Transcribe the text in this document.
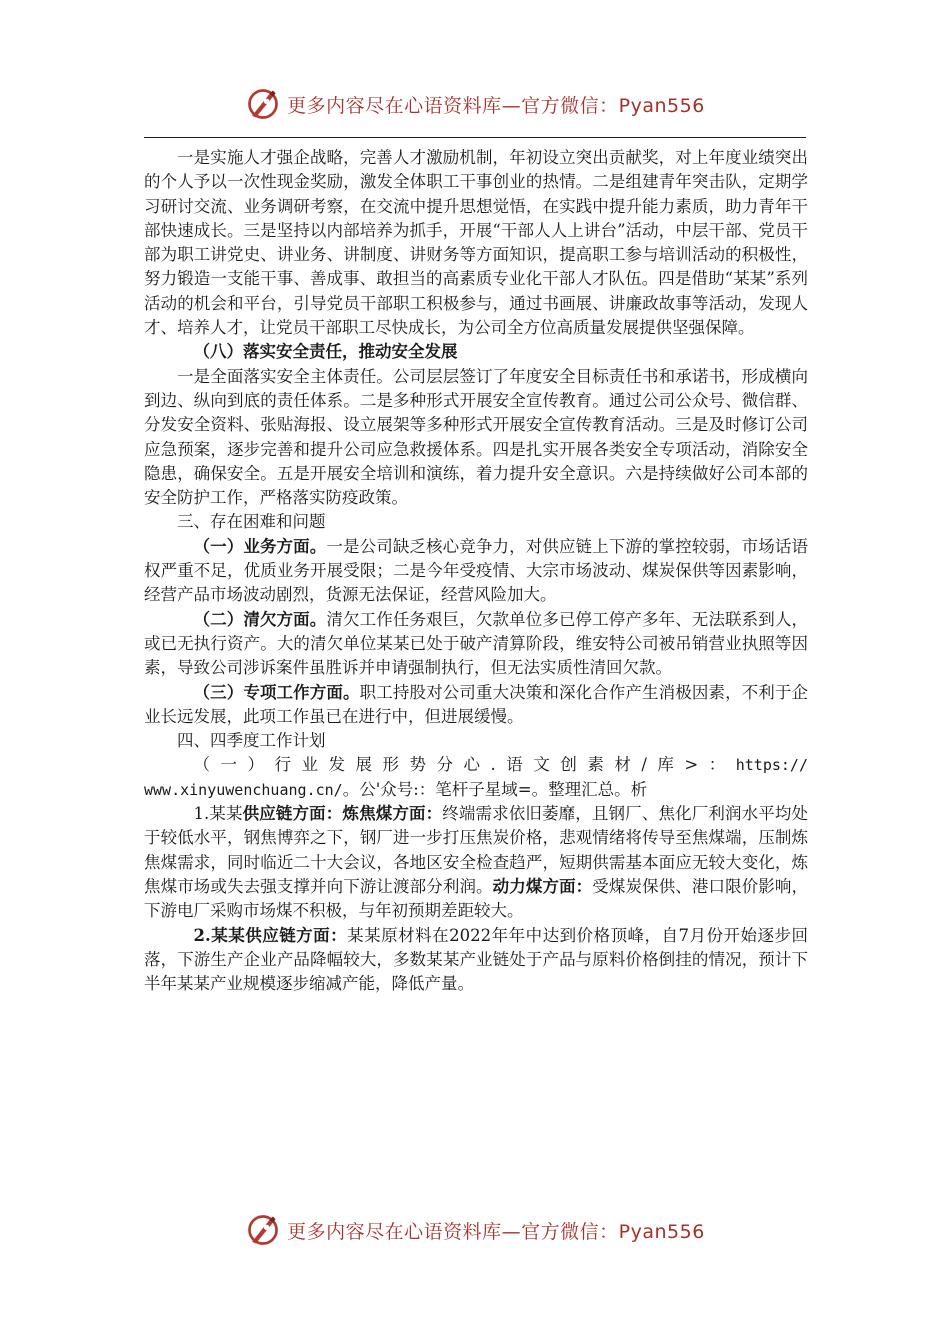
更多内容尽在心语资料库—官方微信：Pyan556

一是实施人才强企战略，完善人才激励机制，年初设立突出贡献奖，对上年度业绩突出的个人予以一次性现金奖励，激发全体职工干事创业的热情。二是组建青年突击队，定期学习研讨交流、业务调研考察，在交流中提升思想觉悟，在实践中提升能力素质，助力青年干部快速成长。三是坚持以内部培养为抓手，开展“干部人人上讲台”活动，中层干部、党员干部为职工讲党史、讲业务、讲制度、讲财务等方面知识，提高职工参与培训活动的积极性，努力锻造一支能干事、善成事、敢担当的高素质专业化干部人才队伍。四是借助“某某”系列活动的机会和平台，引导党员干部职工积极参与，通过书画展、讲廉政故事等活动，发现人才、培养人才，让党员干部职工尽快成长，为公司全方位高质量发展提供坚强保障。

（八）落实安全责任，推动安全发展

一是全面落实安全主体责任。公司层层签订了年度安全目标责任书和承诺书，形成横向到边、纵向到底的责任体系。二是多种形式开展安全宣传教育。通过公司公众号、微信群、分发安全资料、张贴海报、设立展架等多种形式开展安全宣传教育活动。三是及时修订公司应急预案，逐步完善和提升公司应急救援体系。四是扎实开展各类安全专项活动，消除安全隐患，确保安全。五是开展安全培训和演练，着力提升安全意识。六是持续做好公司本部的安全防护工作，严格落实防疫政策。

三、存在困难和问题

（一）业务方面。一是公司缺乏核心竞争力，对供应链上下游的掌控较弱，市场话语权严重不足，优质业务开展受限；二是今年受疫情、大宗市场波动、煤炭保供等因素影响，经营产品市场波动剧烈，货源无法保证，经营风险加大。

（二）清欠方面。清欠工作任务艰巨，欠款单位多已停工停产多年、无法联系到人，或已无执行资产。大的清欠单位某某已处于破产清算阶段，维安特公司被吊销营业执照等因素，导致公司涉诉案件虽胜诉并申请强制执行，但无法实质性清回欠款。

（三）专项工作方面。职工持股对公司重大决策和深化合作产生消极因素，不利于企业长远发展，此项工作虽已在进行中，但进展缓慢。

四、四季度工作计划

（一）行业发展形势分心.语文创素材/库>：https://

www.xinyuwenchuang.cn/。公'众号:：笔杆子星域=。整理汇总。析

1.某某供应链方面：炼焦煤方面：终端需求依旧萎靡，且钢厂、焦化厂利润水平均处于较低水平，钢焦博弈之下，钢厂进一步打压焦炭价格，悲观情绪将传导至焦煤端，压制炼焦煤需求，同时临近二十大会议，各地区安全检查趋严，短期供需基本面应无较大变化，炼焦煤市场或失去强支撑并向下游让渡部分利润。动力煤方面：受煤炭保供、港口限价影响，下游电厂采购市场煤不积极，与年初预期差距较大。

2.某某供应链方面：某某原材料在2022年年中达到价格顶峰，自7月份开始逐步回落，下游生产企业产品降幅较大，多数某某产业链处于产品与原料价格倒挂的情况，预计下半年某某产业规模逐步缩减产能，降低产量。

更多内容尽在心语资料库—官方微信：Pyan556
